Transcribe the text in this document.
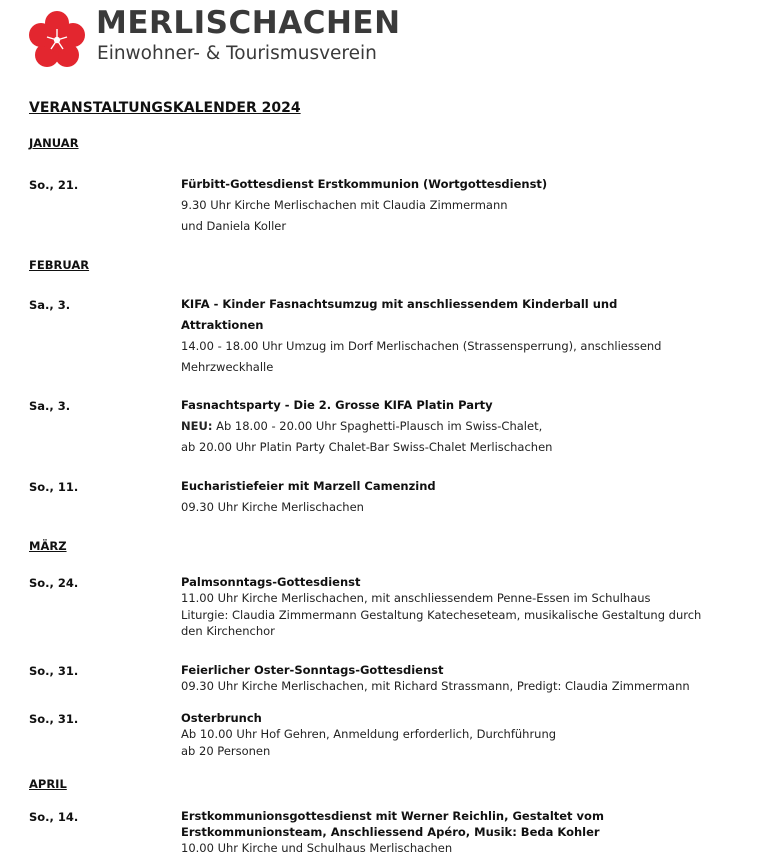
MERLISCHACHEN
Einwohner- & Tourismusverein
VERANSTALTUNGSKALENDER 2024
JANUAR
So., 21.	Fürbitt-Gottesdienst Erstkommunion (Wortgottesdienst)
9.30 Uhr Kirche Merlischachen mit Claudia Zimmermann
und Daniela Koller
FEBRUAR
Sa., 3.	KIFA - Kinder Fasnachtsumzug mit anschliessendem Kinderball und
Attraktionen
14.00 - 18.00 Uhr Umzug im Dorf Merlischachen (Strassensperrung), anschliessend
Mehrzweckhalle
Sa., 3.	Fasnachtsparty - Die 2. Grosse KIFA Platin Party
NEU: Ab 18.00 - 20.00 Uhr Spaghetti-Plausch im Swiss-Chalet,
ab 20.00 Uhr Platin Party Chalet-Bar Swiss-Chalet Merlischachen
So., 11.	Eucharistiefeier mit Marzell Camenzind
09.30 Uhr Kirche Merlischachen
MÄRZ
So., 24.	Palmsonntags-Gottesdienst
11.00 Uhr Kirche Merlischachen, mit anschliessendem Penne-Essen im Schulhaus
Liturgie: Claudia Zimmermann Gestaltung Katecheseteam, musikalische Gestaltung durch
den Kirchenchor
So., 31.	Feierlicher Oster-Sonntags-Gottesdienst
09.30 Uhr Kirche Merlischachen, mit Richard Strassmann, Predigt: Claudia Zimmermann
So., 31.	Osterbrunch
Ab 10.00 Uhr Hof Gehren, Anmeldung erforderlich, Durchführung
ab 20 Personen
APRIL
So., 14.	Erstkommunionsgottesdienst mit Werner Reichlin, Gestaltet vom
Erstkommunionsteam, Anschliessend Apéro, Musik: Beda Kohler
10.00 Uhr Kirche und Schulhaus Merlischachen
